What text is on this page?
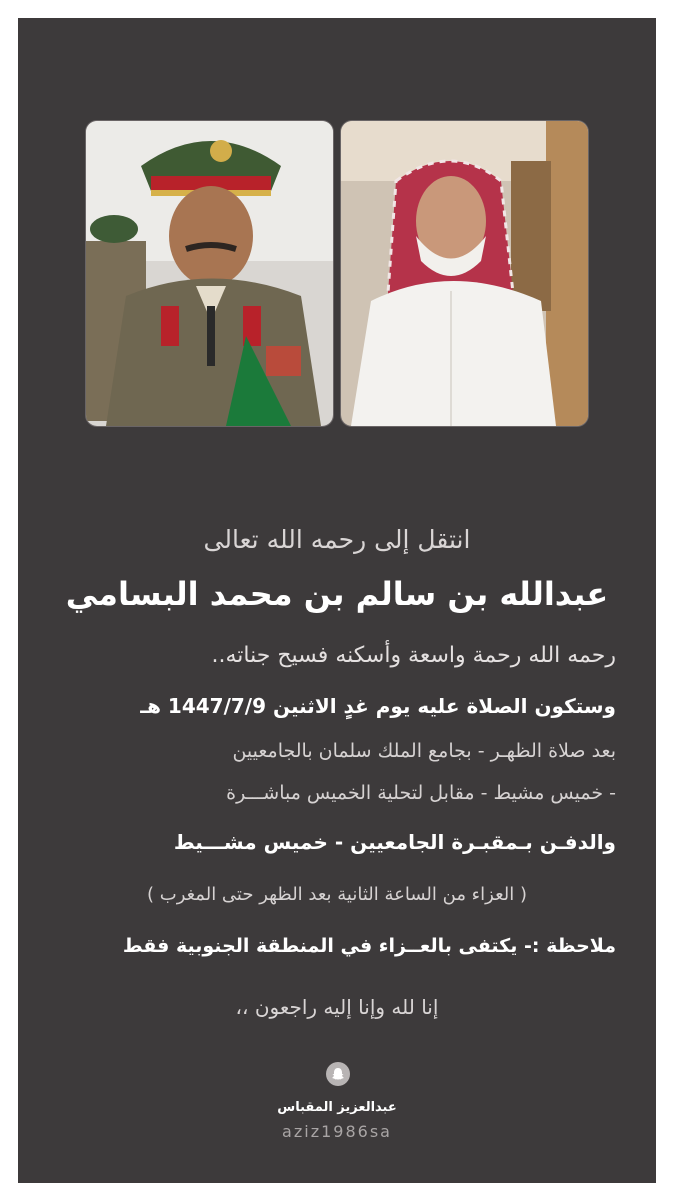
انتقل إلى رحمه الله تعالى
عبدالله بن سالم بن محمد البسامي
رحمه الله رحمة واسعة وأسكنه فسيح جناته..
وستكون الصلاة عليه يوم غدٍ الاثنين 1447/7/9 هـ
بعد صلاة الظهـر - بجامع الملك سلمان بالجامعيين
- خميس مشيط - مقابل لتحلية الخميس مباشـــرة
والدفـن بـمقبـرة الجامعيين - خميس مشـــيط
( العزاء من الساعة الثانية بعد الظهر حتى المغرب )
ملاحظة :- يكتفى بالعــزاء في المنطقة الجنوبية فقط
إنا لله وإنا إليه راجعون ،،
عبدالعزيز المقباس
aziz1986sa
